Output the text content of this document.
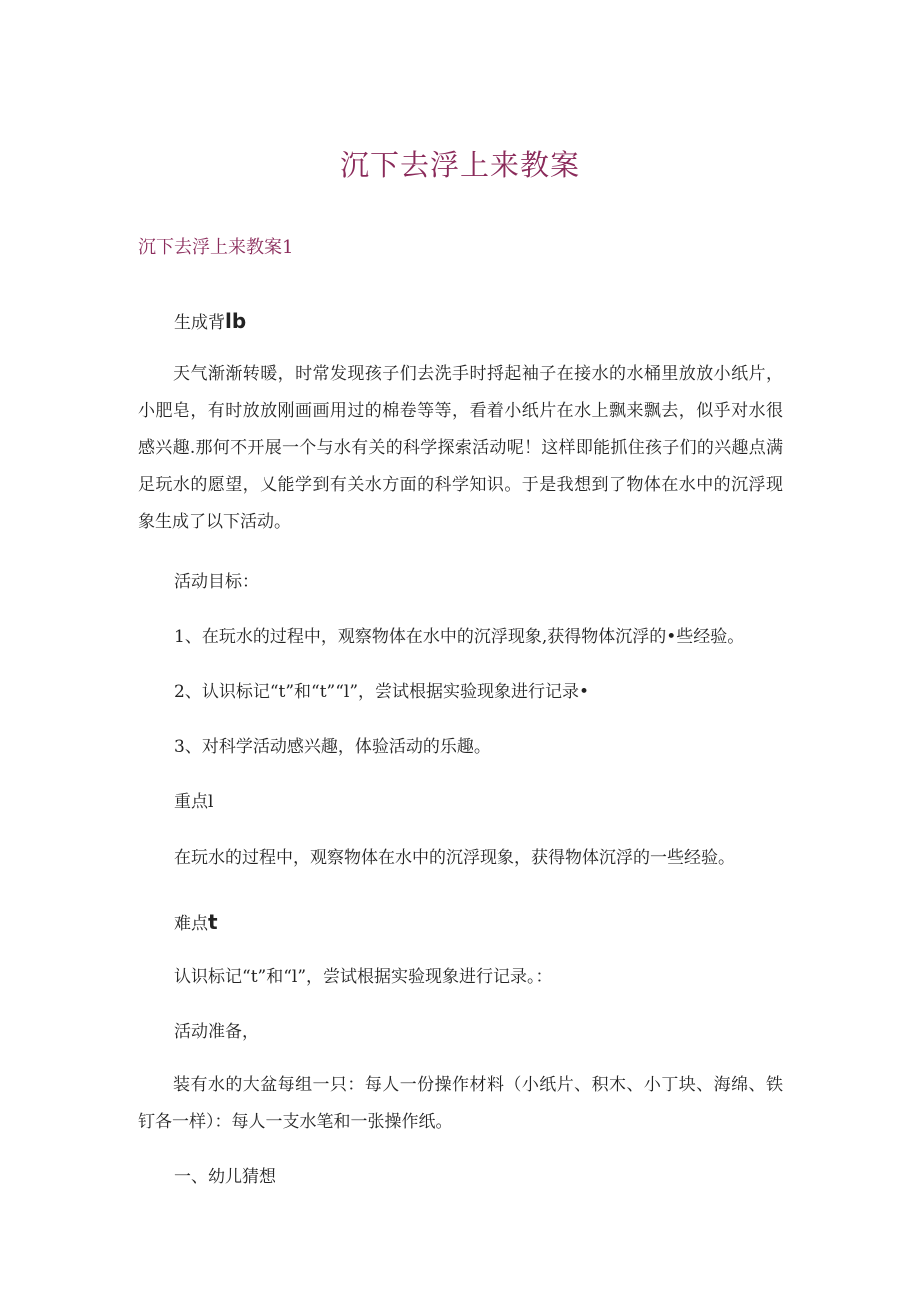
沉下去浮上来教案
沉下去浮上来教案1
生成背lb
天气渐渐转暖，时常发现孩子们去洗手时捋起袖子在接水的水桶里放放小纸片，小肥皂，有时放放刚画画用过的棉卷等等，看着小纸片在水上飘来飘去，似乎对水很感兴趣.那何不开展一个与水有关的科学探索活动呢！这样即能抓住孩子们的兴趣点满足玩水的愿望，乂能学到有关水方面的科学知识。于是我想到了物体在水中的沉浮现象生成了以下活动。
活动目标：
1、在玩水的过程中，观察物体在水中的沉浮现象,获得物体沉浮的•些经验。
2、认识标记“t”和“t”“l”，尝试根据实验现象进行记录•
3、对科学活动感兴趣，体验活动的乐趣。
重点l
在玩水的过程中，观察物体在水中的沉浮现象，获得物体沉浮的一些经验。
难点t
认识标记“t”和“l”，尝试根据实验现象进行记录。：
活动准备，
装有水的大盆每组一只：每人一份操作材料（小纸片、积木、小丁块、海绵、铁钉各一样）：每人一支水笔和一张操作纸。
一、幼儿猜想
